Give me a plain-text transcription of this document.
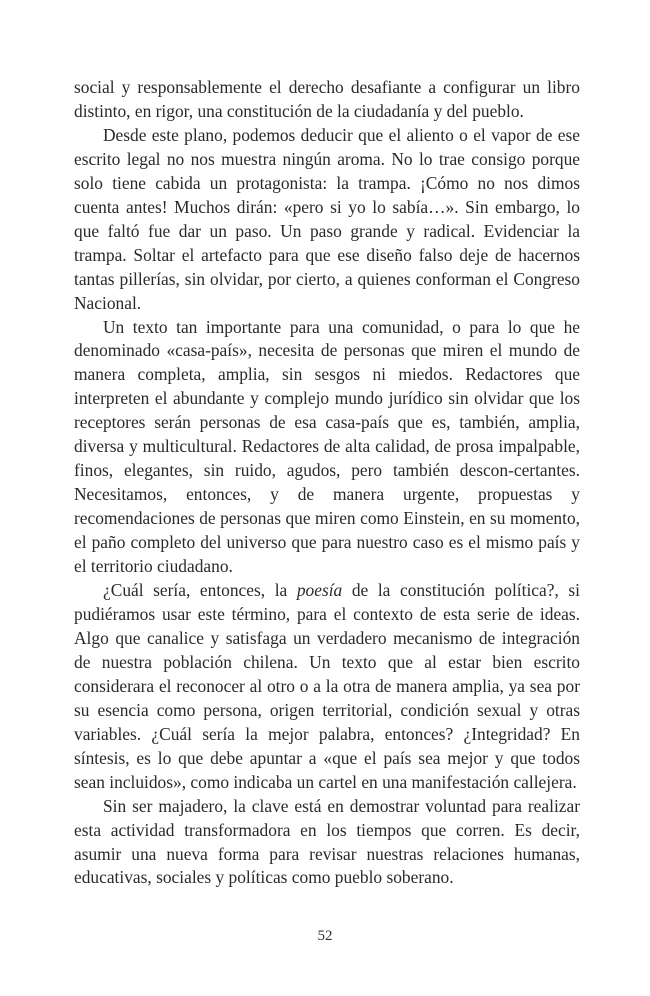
social y responsablemente el derecho desafiante a configurar un libro distinto, en rigor, una constitución de la ciudadanía y del pueblo.

Desde este plano, podemos deducir que el aliento o el vapor de ese escrito legal no nos muestra ningún aroma. No lo trae consigo porque solo tiene cabida un protagonista: la trampa. ¡Cómo no nos dimos cuenta antes! Muchos dirán: «pero si yo lo sabía…». Sin embargo, lo que faltó fue dar un paso. Un paso grande y radical. Evidenciar la trampa. Soltar el artefacto para que ese diseño falso deje de hacernos tantas pillerías, sin olvidar, por cierto, a quienes conforman el Congreso Nacional.

Un texto tan importante para una comunidad, o para lo que he denominado «casa-país», necesita de personas que miren el mundo de manera completa, amplia, sin sesgos ni miedos. Redactores que interpreten el abundante y complejo mundo jurídico sin olvidar que los receptores serán personas de esa casa-país que es, también, amplia, diversa y multicultural. Redactores de alta calidad, de prosa impalpable, finos, elegantes, sin ruido, agudos, pero también descon-certantes. Necesitamos, entonces, y de manera urgente, propuestas y recomendaciones de personas que miren como Einstein, en su momento, el paño completo del universo que para nuestro caso es el mismo país y el territorio ciudadano.

¿Cuál sería, entonces, la poesía de la constitución política?, si pudiéramos usar este término, para el contexto de esta serie de ideas. Algo que canalice y satisfaga un verdadero mecanismo de integración de nuestra población chilena. Un texto que al estar bien escrito considerara el reconocer al otro o a la otra de manera amplia, ya sea por su esencia como persona, origen territorial, condición sexual y otras variables. ¿Cuál sería la mejor palabra, entonces? ¿Integridad? En síntesis, es lo que debe apuntar a «que el país sea mejor y que todos sean incluidos», como indicaba un cartel en una manifestación callejera.

Sin ser majadero, la clave está en demostrar voluntad para realizar esta actividad transformadora en los tiempos que corren. Es decir, asumir una nueva forma para revisar nuestras relaciones humanas, educativas, sociales y políticas como pueblo soberano.

52
